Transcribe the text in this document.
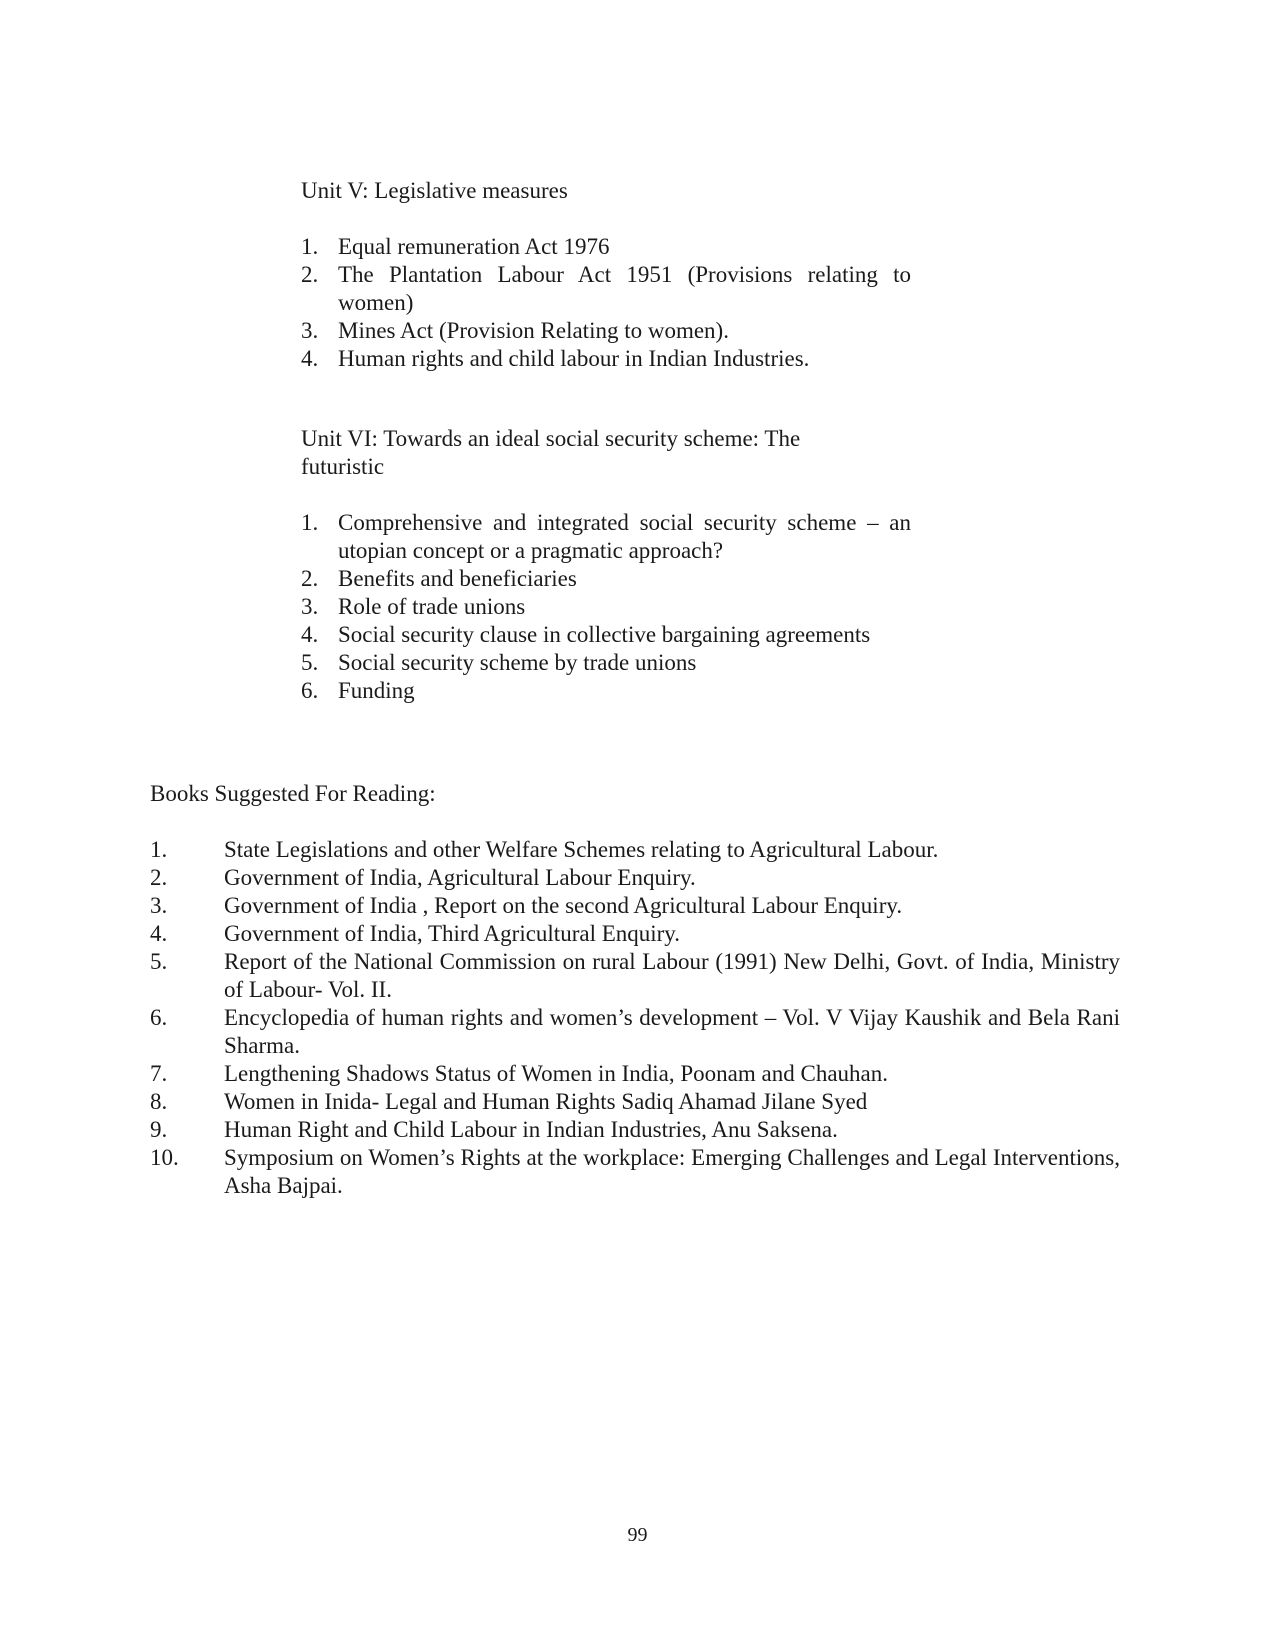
Unit V: Legislative measures
1. Equal remuneration Act 1976
2. The Plantation Labour Act 1951 (Provisions relating to women)
3. Mines Act (Provision Relating to women).
4. Human rights and child labour in Indian Industries.
Unit VI: Towards an ideal social security scheme: The futuristic
1. Comprehensive and integrated social security scheme – an utopian concept or a pragmatic approach?
2. Benefits and beneficiaries
3. Role of trade unions
4. Social security clause in collective bargaining agreements
5. Social security scheme by trade unions
6. Funding
Books Suggested For Reading:
1. State Legislations and other Welfare Schemes relating to Agricultural Labour.
2. Government of India, Agricultural Labour Enquiry.
3. Government of India , Report on the second Agricultural Labour Enquiry.
4. Government of India, Third Agricultural Enquiry.
5. Report of the National Commission on rural Labour (1991) New Delhi, Govt. of India, Ministry of Labour- Vol. II.
6. Encyclopedia of human rights and women’s development – Vol. V Vijay Kaushik and Bela Rani Sharma.
7. Lengthening Shadows Status of Women in India, Poonam and Chauhan.
8. Women in Inida- Legal and Human Rights Sadiq Ahamad Jilane Syed
9. Human Right and Child Labour in Indian Industries, Anu Saksena.
10. Symposium on Women’s Rights at the workplace: Emerging Challenges and Legal Interventions, Asha Bajpai.
99
